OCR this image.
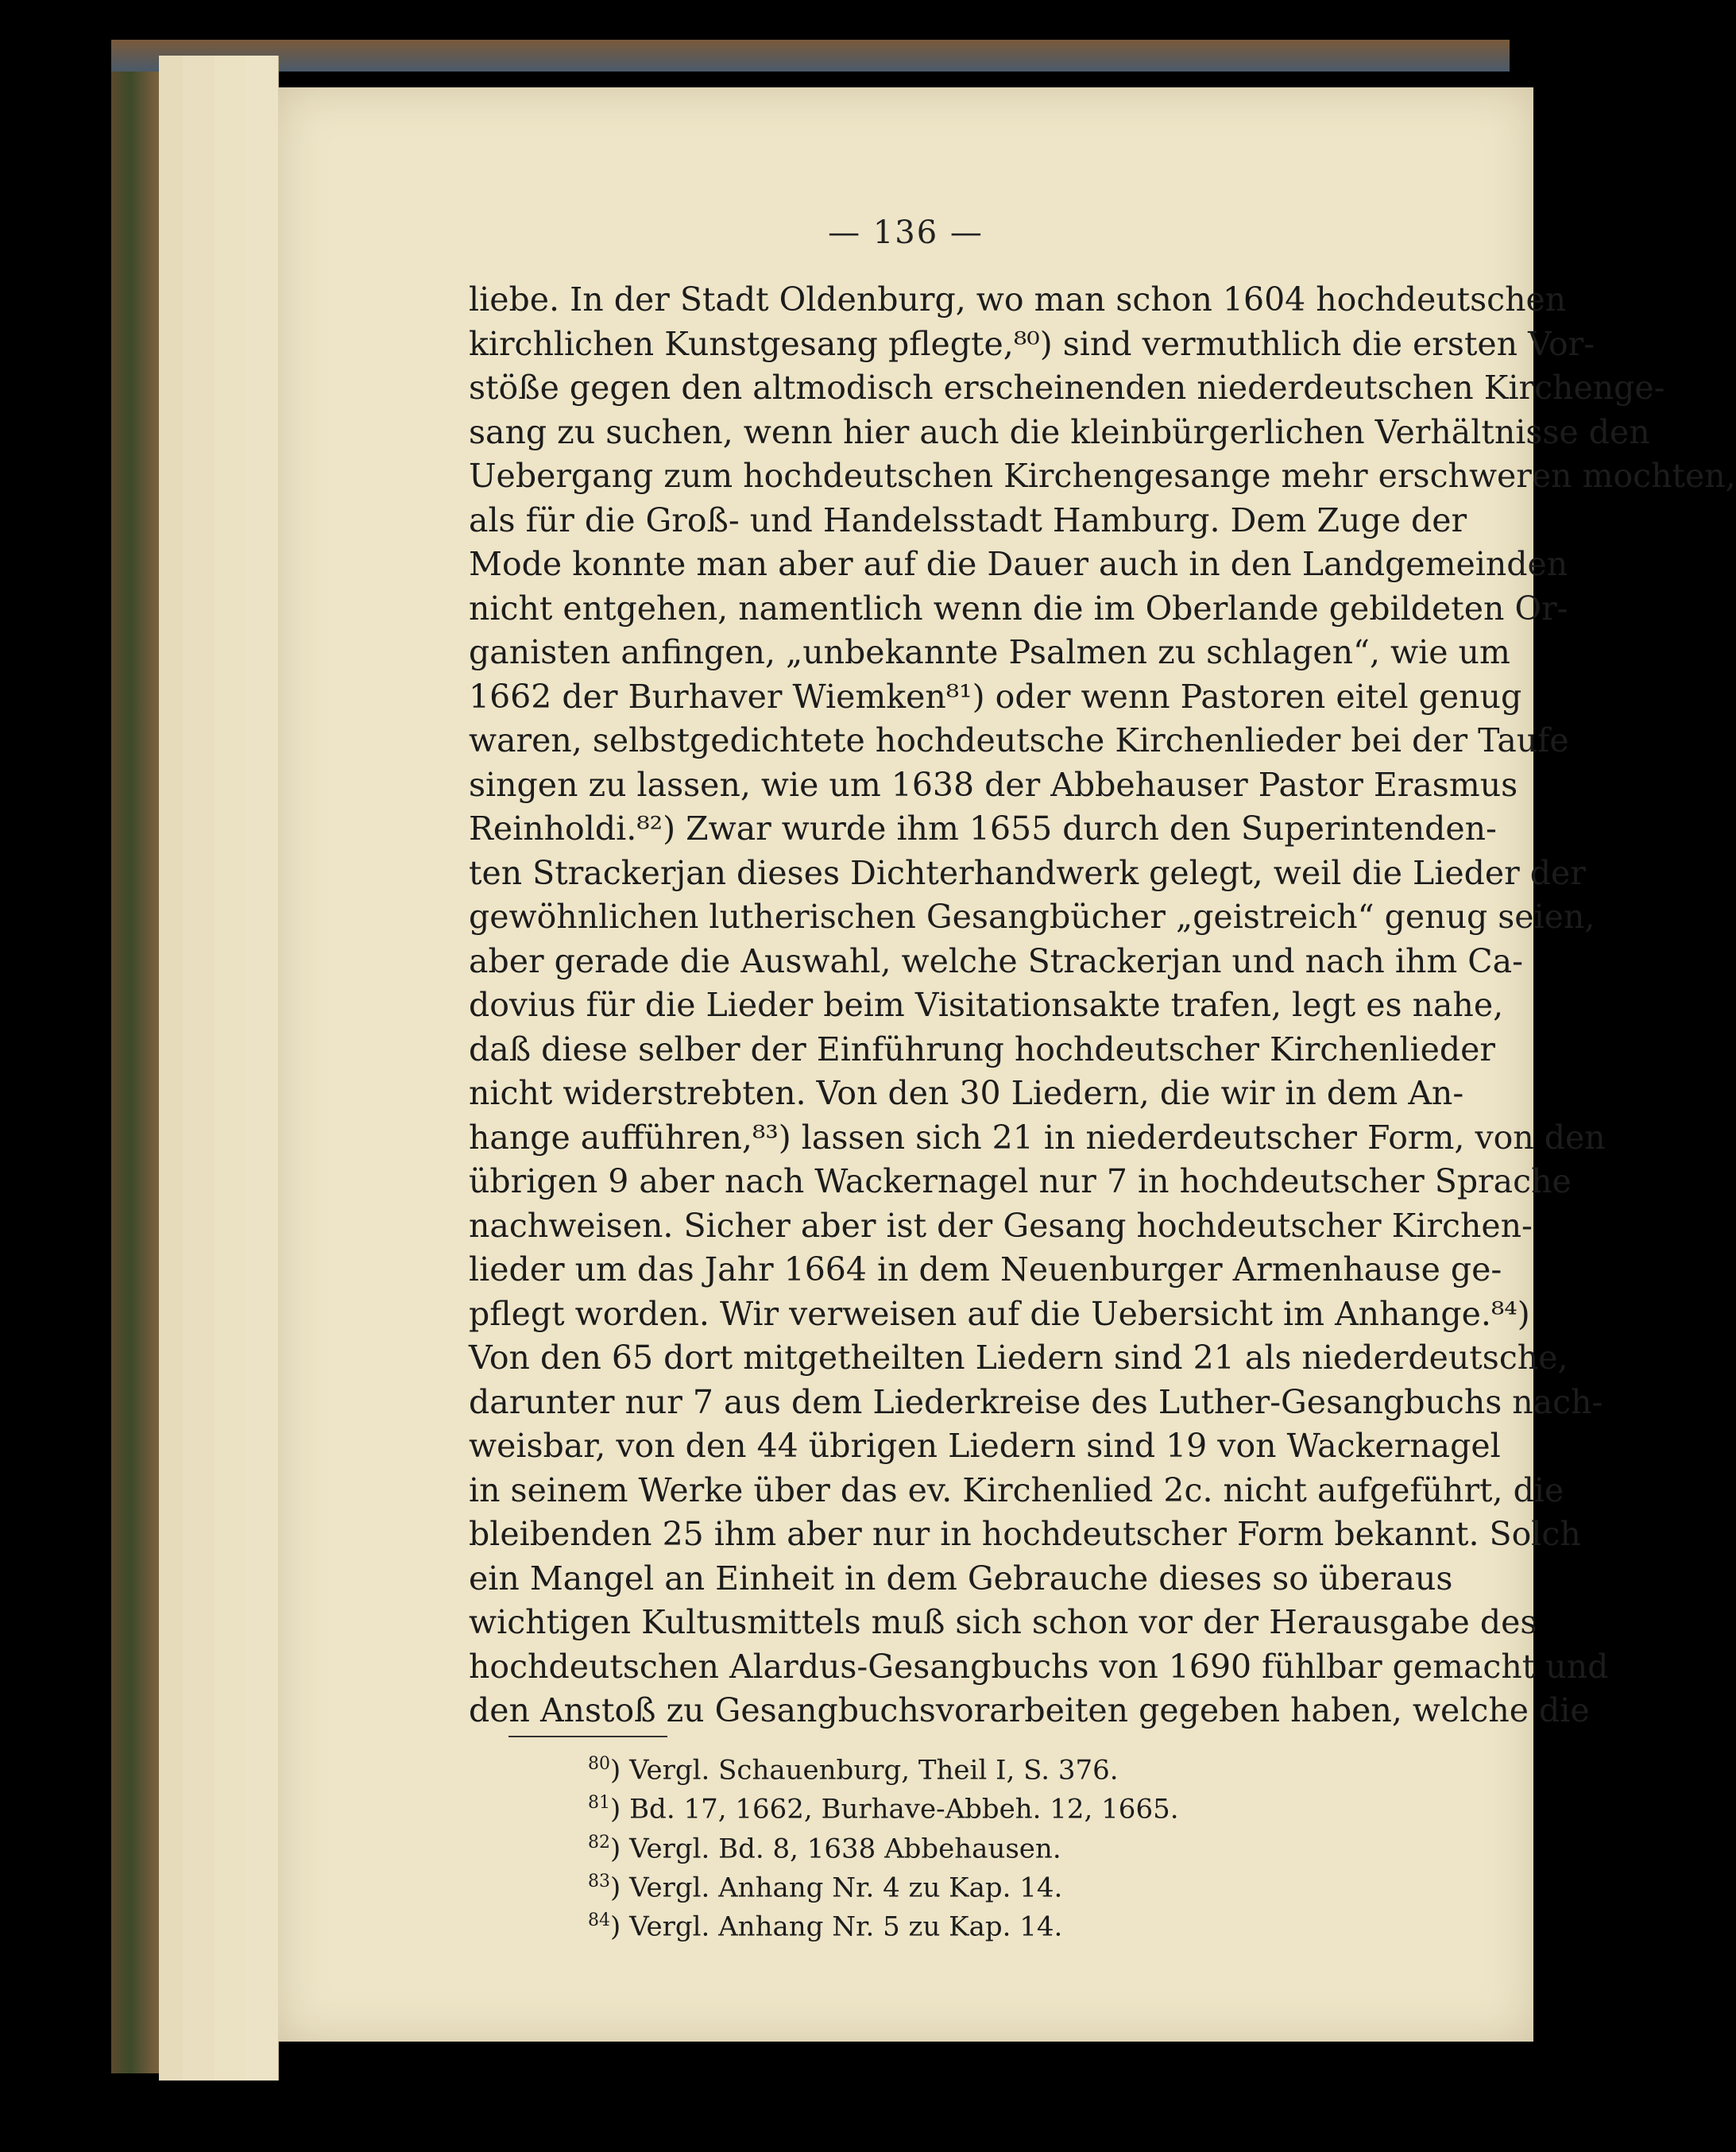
— 136 —
liebe. In der Stadt Oldenburg, wo man schon 1604 hochdeutschen
kirchlichen Kunstgesang pflegte,⁸⁰) sind vermuthlich die ersten Vor-
stöße gegen den altmodisch erscheinenden niederdeutschen Kirchenge-
sang zu suchen, wenn hier auch die kleinbürgerlichen Verhältnisse den
Uebergang zum hochdeutschen Kirchengesange mehr erschweren mochten,
als für die Groß- und Handelsstadt Hamburg. Dem Zuge der
Mode konnte man aber auf die Dauer auch in den Landgemeinden
nicht entgehen, namentlich wenn die im Oberlande gebildeten Or-
ganisten anfingen, „unbekannte Psalmen zu schlagen“, wie um
1662 der Burhaver Wiemken⁸¹) oder wenn Pastoren eitel genug
waren, selbstgedichtete hochdeutsche Kirchenlieder bei der Taufe
singen zu lassen, wie um 1638 der Abbehauser Pastor Erasmus
Reinholdi.⁸²) Zwar wurde ihm 1655 durch den Superintenden-
ten Strackerjan dieses Dichterhandwerk gelegt, weil die Lieder der
gewöhnlichen lutherischen Gesangbücher „geistreich“ genug seien,
aber gerade die Auswahl, welche Strackerjan und nach ihm Ca-
dovius für die Lieder beim Visitationsakte trafen, legt es nahe,
daß diese selber der Einführung hochdeutscher Kirchenlieder
nicht widerstrebten. Von den 30 Liedern, die wir in dem An-
hange aufführen,⁸³) lassen sich 21 in niederdeutscher Form, von den
übrigen 9 aber nach Wackernagel nur 7 in hochdeutscher Sprache
nachweisen. Sicher aber ist der Gesang hochdeutscher Kirchen-
lieder um das Jahr 1664 in dem Neuenburger Armenhause ge-
pflegt worden. Wir verweisen auf die Uebersicht im Anhange.⁸⁴)
Von den 65 dort mitgetheilten Liedern sind 21 als niederdeutsche,
darunter nur 7 aus dem Liederkreise des Luther-Gesangbuchs nach-
weisbar, von den 44 übrigen Liedern sind 19 von Wackernagel
in seinem Werke über das ev. Kirchenlied 2c. nicht aufgeführt, die
bleibenden 25 ihm aber nur in hochdeutscher Form bekannt. Solch
ein Mangel an Einheit in dem Gebrauche dieses so überaus
wichtigen Kultusmittels muß sich schon vor der Herausgabe des
hochdeutschen Alardus-Gesangbuchs von 1690 fühlbar gemacht und
den Anstoß zu Gesangbuchsvorarbeiten gegeben haben, welche die
$^{80}$) Vergl. Schauenburg, Theil I, S. 376.
$^{81}$) Bd. 17, 1662, Burhave-Abbeh. 12, 1665.
$^{82}$) Vergl. Bd. 8, 1638 Abbehausen.
$^{83}$) Vergl. Anhang Nr. 4 zu Kap. 14.
$^{84}$) Vergl. Anhang Nr. 5 zu Kap. 14.
